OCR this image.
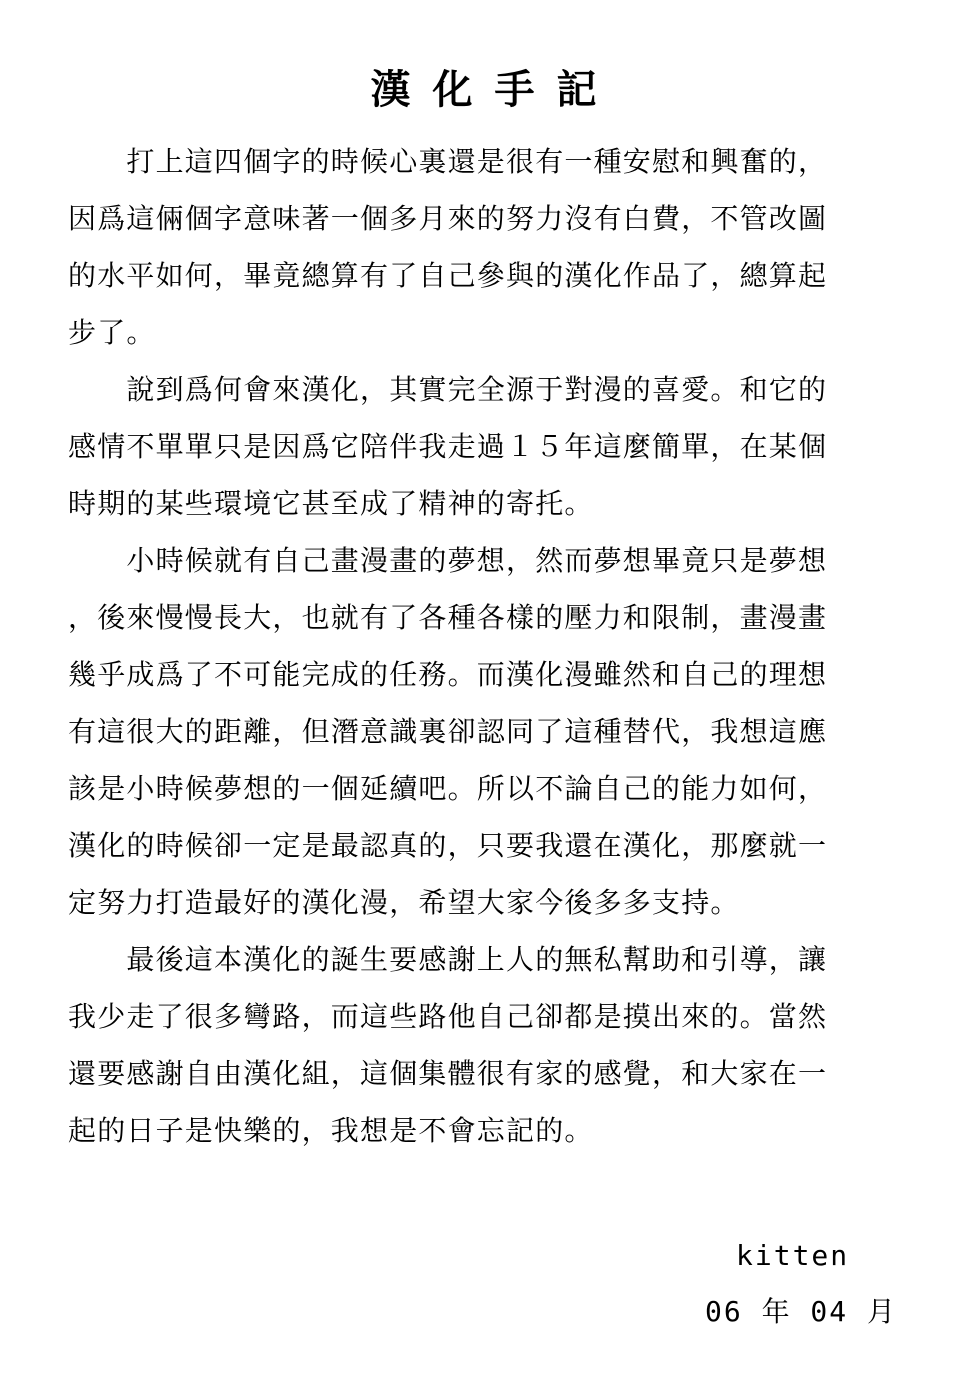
漢化手記
　　打上這四個字的時候心裏還是很有一種安慰和興奮的，
因爲這倆個字意味著一個多月來的努力沒有白費，不管改圖
的水平如何，畢竟總算有了自己參與的漢化作品了，總算起
步了。
　　說到爲何會來漢化，其實完全源于對漫的喜愛。和它的
感情不單單只是因爲它陪伴我走過１５年這麼簡單，在某個
時期的某些環境它甚至成了精神的寄托。
　　小時候就有自己畫漫畫的夢想，然而夢想畢竟只是夢想
，後來慢慢長大，也就有了各種各樣的壓力和限制，畫漫畫
幾乎成爲了不可能完成的任務。而漢化漫雖然和自己的理想
有這很大的距離，但潛意識裏卻認同了這種替代，我想這應
該是小時候夢想的一個延續吧。所以不論自己的能力如何，
漢化的時候卻一定是最認真的，只要我還在漢化，那麼就一
定努力打造最好的漢化漫，希望大家今後多多支持。
　　最後這本漢化的誕生要感謝上人的無私幫助和引導，讓
我少走了很多彎路，而這些路他自己卻都是摸出來的。當然
還要感謝自由漢化組，這個集體很有家的感覺，和大家在一
起的日子是快樂的，我想是不會忘記的。
kitten
06 年 04 月
